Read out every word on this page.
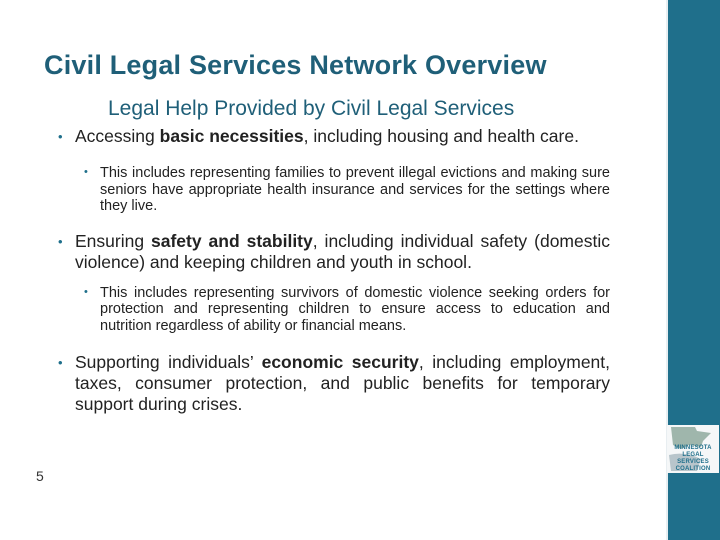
Civil Legal Services Network Overview
Legal Help Provided by Civil Legal Services

• Accessing basic necessities, including housing and health care.

• This includes representing families to prevent illegal evictions and making sure seniors have appropriate health insurance and services for the settings where they live.

• Ensuring safety and stability, including individual safety (domestic violence) and keeping children and youth in school.

• This includes representing survivors of domestic violence seeking orders for protection and representing children to ensure access to education and nutrition regardless of ability or financial means.

• Supporting individuals’ economic security, including employment, taxes, consumer protection, and public benefits for temporary support during crises.

5
MINNESOTA
LEGAL SERVICES
COALITION
